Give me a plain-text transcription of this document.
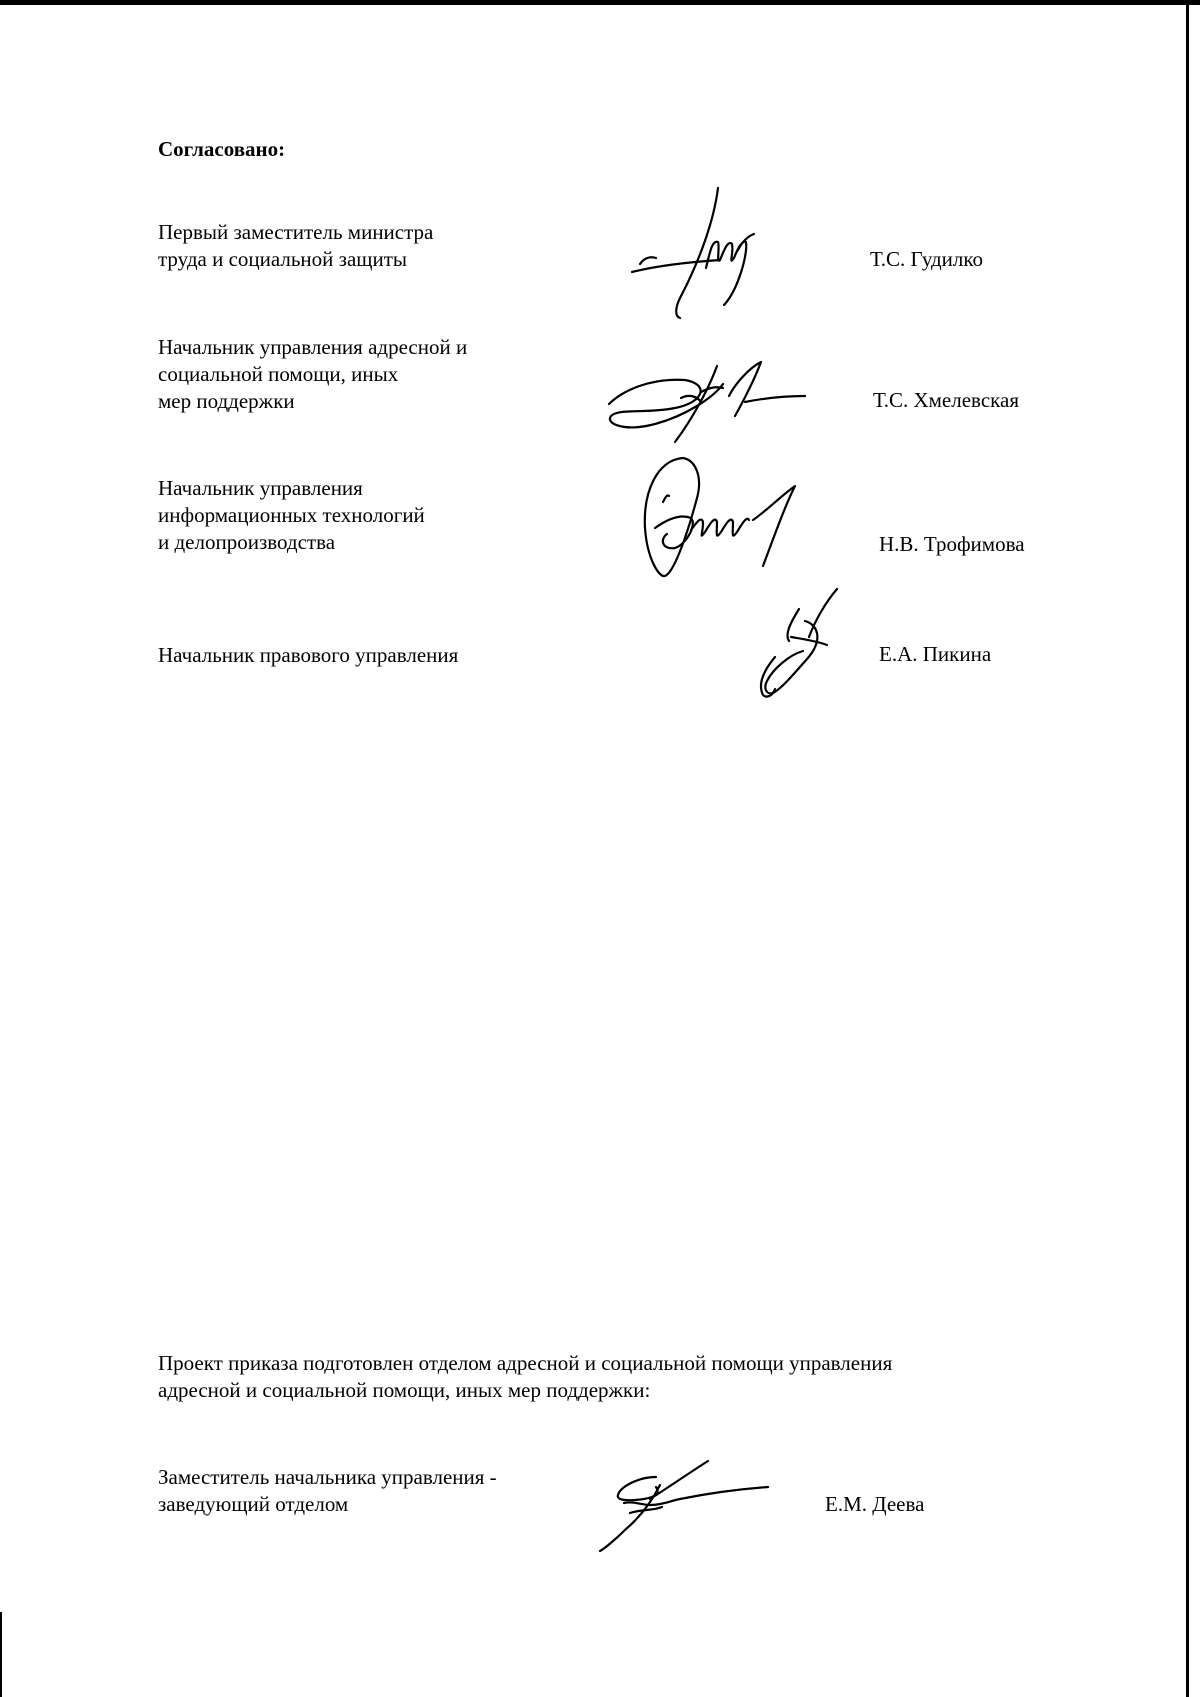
Согласовано:
Первый заместитель министра
труда и социальной защиты	Т.С. Гудилко
Начальник управления адресной и
социальной помощи, иных
мер поддержки	Т.С. Хмелевская
Начальник управления
информационных технологий
и делопроизводства	Н.В. Трофимова
Начальник правового управления	Е.А. Пикина
Проект приказа подготовлен отделом адресной и социальной помощи управления
адресной и социальной помощи, иных мер поддержки:
Заместитель начальника управления -
заведующий отделом	Е.М. Деева
